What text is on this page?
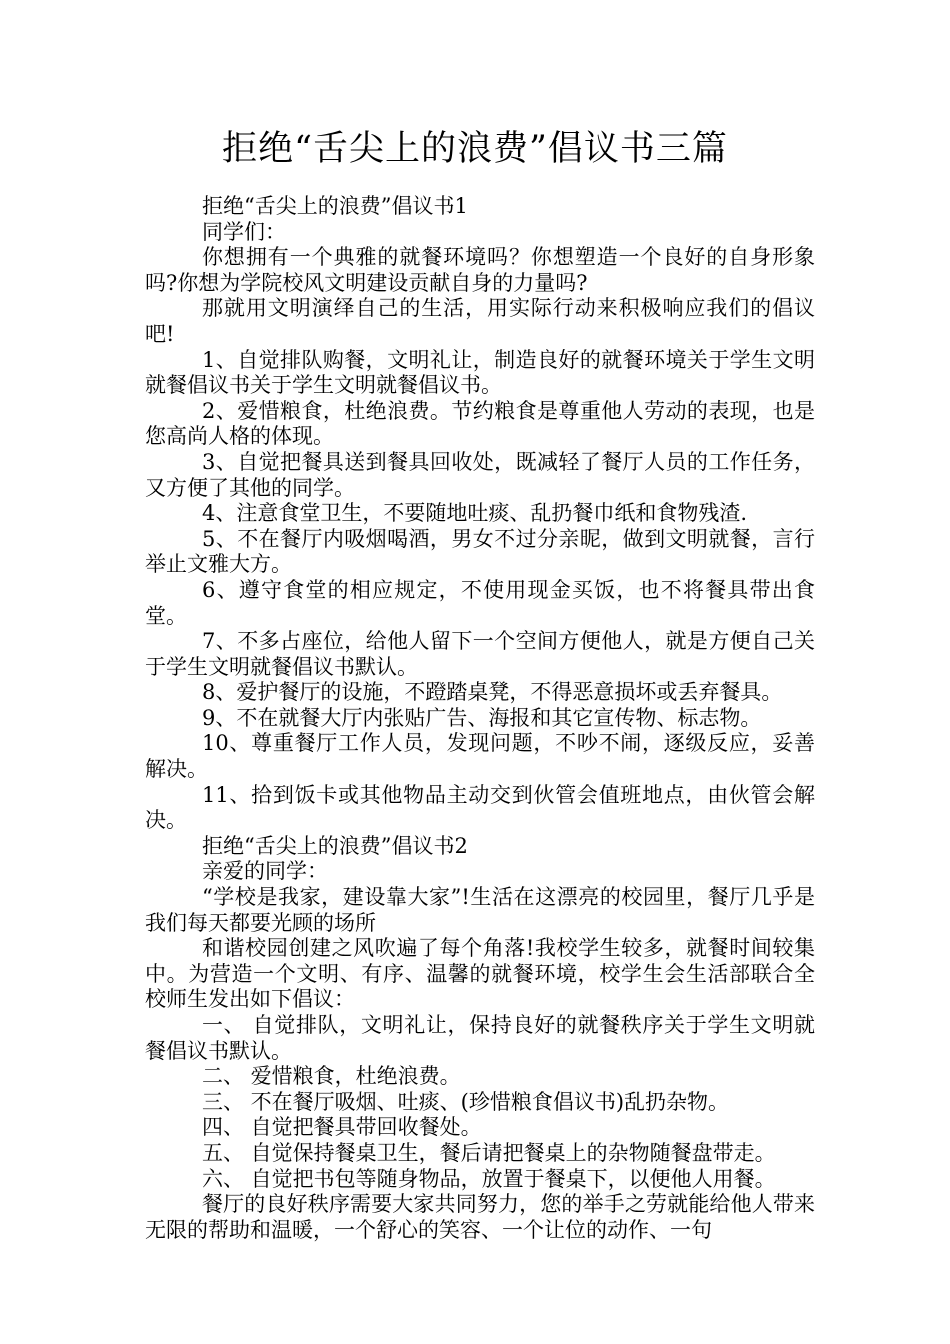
拒绝“舌尖上的浪费”倡议书三篇

拒绝“舌尖上的浪费”倡议书1

同学们：

你想拥有一个典雅的就餐环境吗？你想塑造一个良好的自身形象吗?你想为学院校风文明建设贡献自身的力量吗?

那就用文明演绎自己的生活，用实际行动来积极响应我们的倡议吧!

1、自觉排队购餐，文明礼让，制造良好的就餐环境关于学生文明就餐倡议书关于学生文明就餐倡议书。

2、爱惜粮食，杜绝浪费。节约粮食是尊重他人劳动的表现，也是您高尚人格的体现。

3、自觉把餐具送到餐具回收处，既减轻了餐厅人员的工作任务，又方便了其他的同学。

4、注意食堂卫生，不要随地吐痰、乱扔餐巾纸和食物残渣.

5、不在餐厅内吸烟喝酒，男女不过分亲昵，做到文明就餐，言行举止文雅大方。

6、遵守食堂的相应规定，不使用现金买饭，也不将餐具带出食堂。

7、不多占座位，给他人留下一个空间方便他人，就是方便自己关于学生文明就餐倡议书默认。

8、爱护餐厅的设施，不蹬踏桌凳，不得恶意损坏或丢弃餐具。

9、不在就餐大厅内张贴广告、海报和其它宣传物、标志物。

10、尊重餐厅工作人员，发现问题，不吵不闹，逐级反应，妥善解决。

11、拾到饭卡或其他物品主动交到伙管会值班地点，由伙管会解决。

拒绝“舌尖上的浪费”倡议书2

亲爱的同学：

“学校是我家，建设靠大家”!生活在这漂亮的校园里，餐厅几乎是我们每天都要光顾的场所

和谐校园创建之风吹遍了每个角落!我校学生较多，就餐时间较集中。为营造一个文明、有序、温馨的就餐环境，校学生会生活部联合全校师生发出如下倡议：

一、 自觉排队，文明礼让，保持良好的就餐秩序关于学生文明就餐倡议书默认。

二、 爱惜粮食，杜绝浪费。

三、 不在餐厅吸烟、吐痰、(珍惜粮食倡议书)乱扔杂物。

四、 自觉把餐具带回收餐处。

五、 自觉保持餐桌卫生，餐后请把餐桌上的杂物随餐盘带走。

六、 自觉把书包等随身物品，放置于餐桌下，以便他人用餐。

餐厅的良好秩序需要大家共同努力，您的举手之劳就能给他人带来无限的帮助和温暖，一个舒心的笑容、一个让位的动作、一句
